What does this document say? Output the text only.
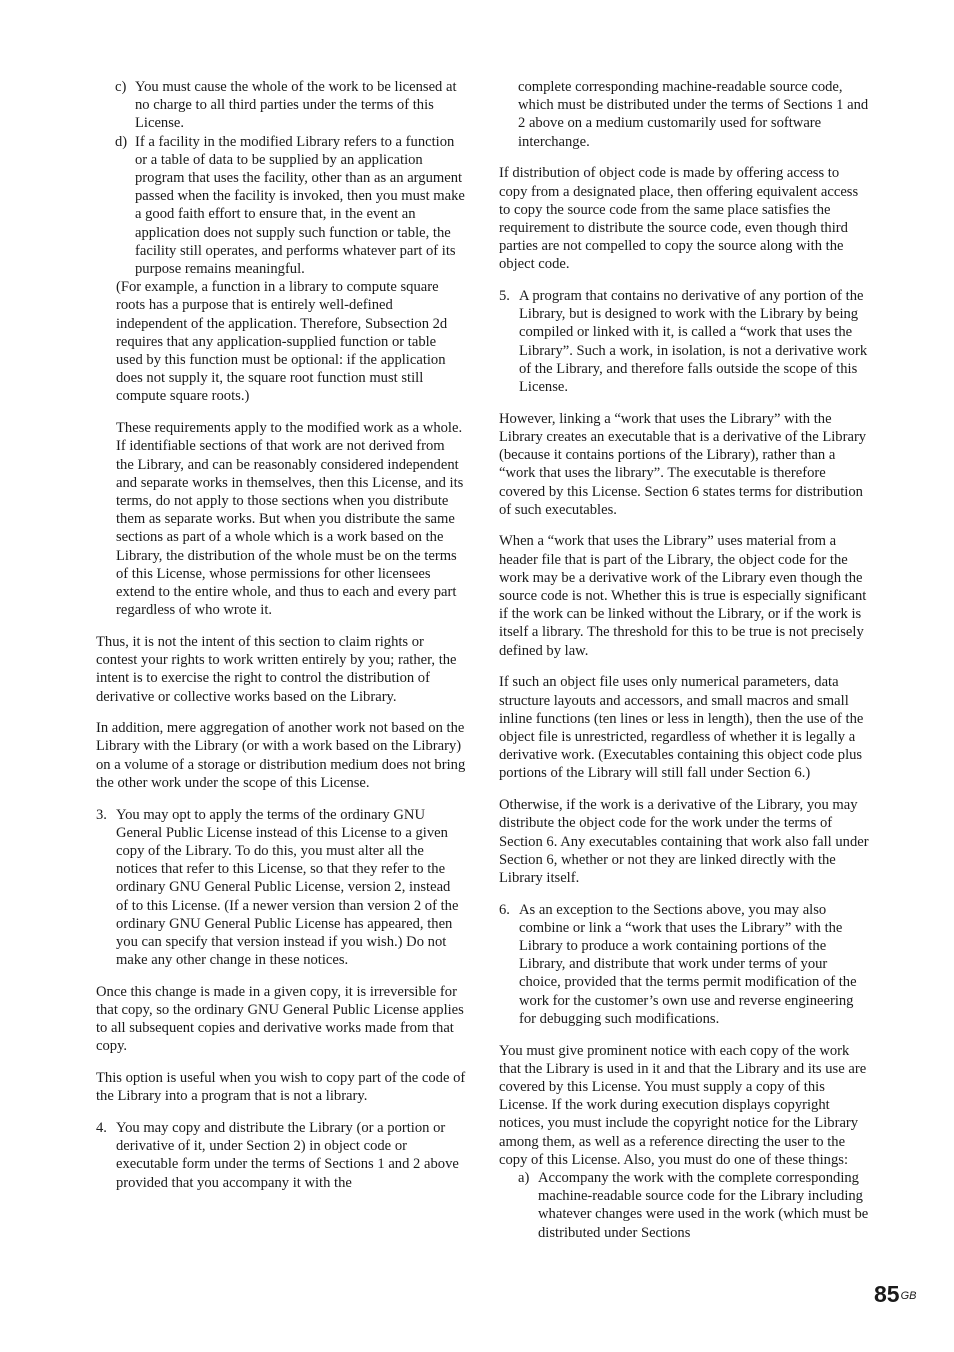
c) You must cause the whole of the work to be licensed at no charge to all third parties under the terms of this License.
d) If a facility in the modified Library refers to a function or a table of data to be supplied by an application program that uses the facility, other than as an argument passed when the facility is invoked, then you must make a good faith effort to ensure that, in the event an application does not supply such function or table, the facility still operates, and performs whatever part of its purpose remains meaningful.

(For example, a function in a library to compute square roots has a purpose that is entirely well-defined independent of the application. Therefore, Subsection 2d requires that any application-supplied function or table used by this function must be optional: if the application does not supply it, the square root function must still compute square roots.)

These requirements apply to the modified work as a whole. If identifiable sections of that work are not derived from the Library, and can be reasonably considered independent and separate works in themselves, then this License, and its terms, do not apply to those sections when you distribute them as separate works. But when you distribute the same sections as part of a whole which is a work based on the Library, the distribution of the whole must be on the terms of this License, whose permissions for other licensees extend to the entire whole, and thus to each and every part regardless of who wrote it.

Thus, it is not the intent of this section to claim rights or contest your rights to work written entirely by you; rather, the intent is to exercise the right to control the distribution of derivative or collective works based on the Library.

In addition, mere aggregation of another work not based on the Library with the Library (or with a work based on the Library) on a volume of a storage or distribution medium does not bring the other work under the scope of this License.

3. You may opt to apply the terms of the ordinary GNU General Public License instead of this License to a given copy of the Library. To do this, you must alter all the notices that refer to this License, so that they refer to the ordinary GNU General Public License, version 2, instead of to this License. (If a newer version than version 2 of the ordinary GNU General Public License has appeared, then you can specify that version instead if you wish.) Do not make any other change in these notices.

Once this change is made in a given copy, it is irreversible for that copy, so the ordinary GNU General Public License applies to all subsequent copies and derivative works made from that copy.

This option is useful when you wish to copy part of the code of the Library into a program that is not a library.

4. You may copy and distribute the Library (or a portion or derivative of it, under Section 2) in object code or executable form under the terms of Sections 1 and 2 above provided that you accompany it with the

complete corresponding machine-readable source code, which must be distributed under the terms of Sections 1 and 2 above on a medium customarily used for software interchange.

If distribution of object code is made by offering access to copy from a designated place, then offering equivalent access to copy the source code from the same place satisfies the requirement to distribute the source code, even though third parties are not compelled to copy the source along with the object code.

5. A program that contains no derivative of any portion of the Library, but is designed to work with the Library by being compiled or linked with it, is called a “work that uses the Library”. Such a work, in isolation, is not a derivative work of the Library, and therefore falls outside the scope of this License.

However, linking a “work that uses the Library” with the Library creates an executable that is a derivative of the Library (because it contains portions of the Library), rather than a “work that uses the library”. The executable is therefore covered by this License. Section 6 states terms for distribution of such executables.

When a “work that uses the Library” uses material from a header file that is part of the Library, the object code for the work may be a derivative work of the Library even though the source code is not. Whether this is true is especially significant if the work can be linked without the Library, or if the work is itself a library. The threshold for this to be true is not precisely defined by law.

If such an object file uses only numerical parameters, data structure layouts and accessors, and small macros and small inline functions (ten lines or less in length), then the use of the object file is unrestricted, regardless of whether it is legally a derivative work. (Executables containing this object code plus portions of the Library will still fall under Section 6.)

Otherwise, if the work is a derivative of the Library, you may distribute the object code for the work under the terms of Section 6. Any executables containing that work also fall under Section 6, whether or not they are linked directly with the Library itself.

6. As an exception to the Sections above, you may also combine or link a “work that uses the Library” with the Library to produce a work containing portions of the Library, and distribute that work under terms of your choice, provided that the terms permit modification of the work for the customer’s own use and reverse engineering for debugging such modifications.

You must give prominent notice with each copy of the work that the Library is used in it and that the Library and its use are covered by this License. You must supply a copy of this License. If the work during execution displays copyright notices, you must include the copyright notice for the Library among them, as well as a reference directing the user to the copy of this License. Also, you must do one of these things:

a) Accompany the work with the complete corresponding machine-readable source code for the Library including whatever changes were used in the work (which must be distributed under Sections
$85^{GB}$
